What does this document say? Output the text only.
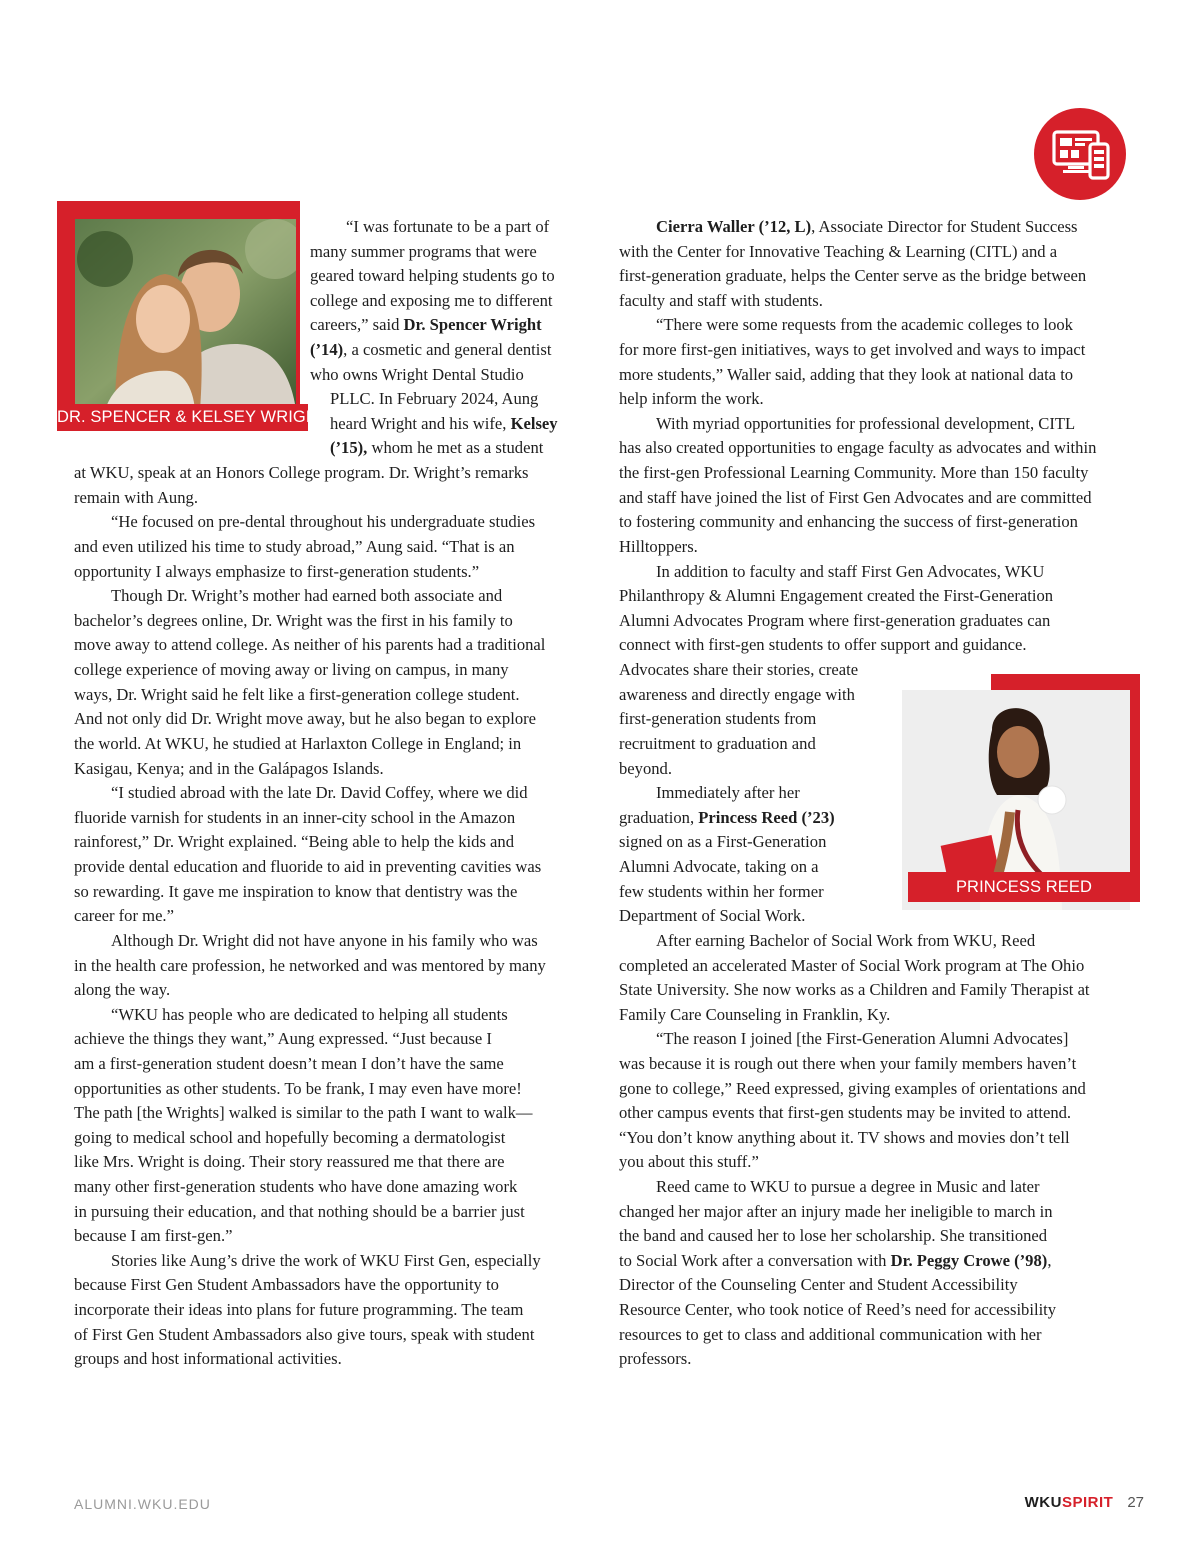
DR. SPENCER & KELSEY WRIGHT
PRINCESS REED

“I was fortunate to be a part of

many summer programs that were

geared toward helping students go to

college and exposing me to different

careers,” said Dr. Spencer Wright

(’14), a cosmetic and general dentist

who owns Wright Dental Studio

PLLC. In February 2024, Aung

heard Wright and his wife, Kelsey

(’15), whom he met as a student

at WKU, speak at an Honors College program. Dr. Wright’s remarks

remain with Aung.

“He focused on pre-dental throughout his undergraduate studies

and even utilized his time to study abroad,” Aung said. “That is an

opportunity I always emphasize to first-generation students.”

Though Dr. Wright’s mother had earned both associate and

bachelor’s degrees online, Dr. Wright was the first in his family to

move away to attend college. As neither of his parents had a traditional

college experience of moving away or living on campus, in many

ways, Dr. Wright said he felt like a first-generation college student.

And not only did Dr. Wright move away, but he also began to explore

the world. At WKU, he studied at Harlaxton College in England; in

Kasigau, Kenya; and in the Galápagos Islands.

“I studied abroad with the late Dr. David Coffey, where we did

fluoride varnish for students in an inner-city school in the Amazon

rainforest,” Dr. Wright explained. “Being able to help the kids and

provide dental education and fluoride to aid in preventing cavities was

so rewarding. It gave me inspiration to know that dentistry was the

career for me.”

Although Dr. Wright did not have anyone in his family who was

in the health care profession, he networked and was mentored by many

along the way.

“WKU has people who are dedicated to helping all students

achieve the things they want,” Aung expressed. “Just because I

am a first-generation student doesn’t mean I don’t have the same

opportunities as other students. To be frank, I may even have more!

The path [the Wrights] walked is similar to the path I want to walk—

going to medical school and hopefully becoming a dermatologist

like Mrs. Wright is doing. Their story reassured me that there are

many other first-generation students who have done amazing work

in pursuing their education, and that nothing should be a barrier just

because I am first-gen.”

Stories like Aung’s drive the work of WKU First Gen, especially

because First Gen Student Ambassadors have the opportunity to

incorporate their ideas into plans for future programming. The team

of First Gen Student Ambassadors also give tours, speak with student

groups and host informational activities.

Cierra Waller (’12, L), Associate Director for Student Success

with the Center for Innovative Teaching & Learning (CITL) and a

first-generation graduate, helps the Center serve as the bridge between

faculty and staff with students.

“There were some requests from the academic colleges to look

for more first-gen initiatives, ways to get involved and ways to impact

more students,” Waller said, adding that they look at national data to

help inform the work.

With myriad opportunities for professional development, CITL

has also created opportunities to engage faculty as advocates and within

the first-gen Professional Learning Community. More than 150 faculty

and staff have joined the list of First Gen Advocates and are committed

to fostering community and enhancing the success of first-generation

Hilltoppers.

In addition to faculty and staff First Gen Advocates, WKU

Philanthropy & Alumni Engagement created the First-Generation

Alumni Advocates Program where first-generation graduates can

connect with first-gen students to offer support and guidance.

Advocates share their stories, create

awareness and directly engage with

first-generation students from

recruitment to graduation and

beyond.

Immediately after her

graduation, Princess Reed (’23)

signed on as a First-Generation

Alumni Advocate, taking on a

few students within her former

Department of Social Work.

After earning Bachelor of Social Work from WKU, Reed

completed an accelerated Master of Social Work program at The Ohio

State University. She now works as a Children and Family Therapist at

Family Care Counseling in Franklin, Ky.

“The reason I joined [the First-Generation Alumni Advocates]

was because it is rough out there when your family members haven’t

gone to college,” Reed expressed, giving examples of orientations and

other campus events that first-gen students may be invited to attend.

“You don’t know anything about it. TV shows and movies don’t tell

you about this stuff.”

Reed came to WKU to pursue a degree in Music and later

changed her major after an injury made her ineligible to march in

the band and caused her to lose her scholarship. She transitioned

to Social Work after a conversation with Dr. Peggy Crowe (’98),

Director of the Counseling Center and Student Accessibility

Resource Center, who took notice of Reed’s need for accessibility

resources to get to class and additional communication with her

professors.

ALUMNI.WKU.EDU	WKUSPIRIT 27
